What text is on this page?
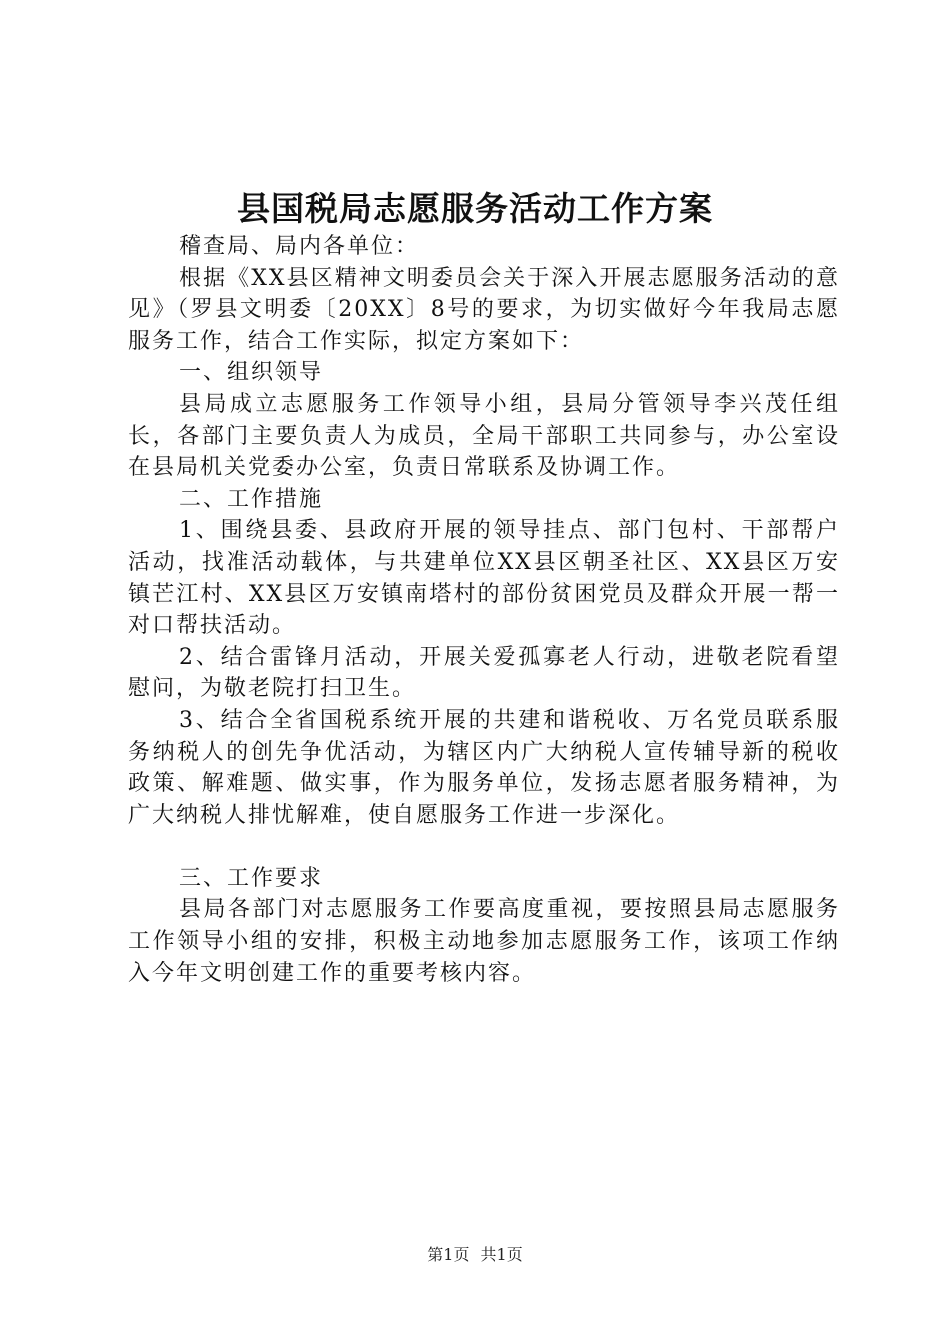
县国税局志愿服务活动工作方案

稽查局、局内各单位：

根据《XX县区精神文明委员会关于深入开展志愿服务活动的意见》（罗县文明委〔20XX〕8号的要求，为切实做好今年我局志愿服务工作，结合工作实际，拟定方案如下：

一、组织领导

县局成立志愿服务工作领导小组，县局分管领导李兴茂任组长，各部门主要负责人为成员，全局干部职工共同参与，办公室设在县局机关党委办公室，负责日常联系及协调工作。

二、工作措施

1、围绕县委、县政府开展的领导挂点、部门包村、干部帮户活动，找准活动载体，与共建单位XX县区朝圣社区、XX县区万安镇芒江村、XX县区万安镇南塔村的部份贫困党员及群众开展一帮一对口帮扶活动。

2、结合雷锋月活动，开展关爱孤寡老人行动，进敬老院看望慰问，为敬老院打扫卫生。

3、结合全省国税系统开展的共建和谐税收、万名党员联系服务纳税人的创先争优活动，为辖区内广大纳税人宣传辅导新的税收政策、解难题、做实事，作为服务单位，发扬志愿者服务精神，为广大纳税人排忧解难，使自愿服务工作进一步深化。

三、工作要求

县局各部门对志愿服务工作要高度重视，要按照县局志愿服务工作领导小组的安排，积极主动地参加志愿服务工作，该项工作纳入今年文明创建工作的重要考核内容。

第1页 共1页
